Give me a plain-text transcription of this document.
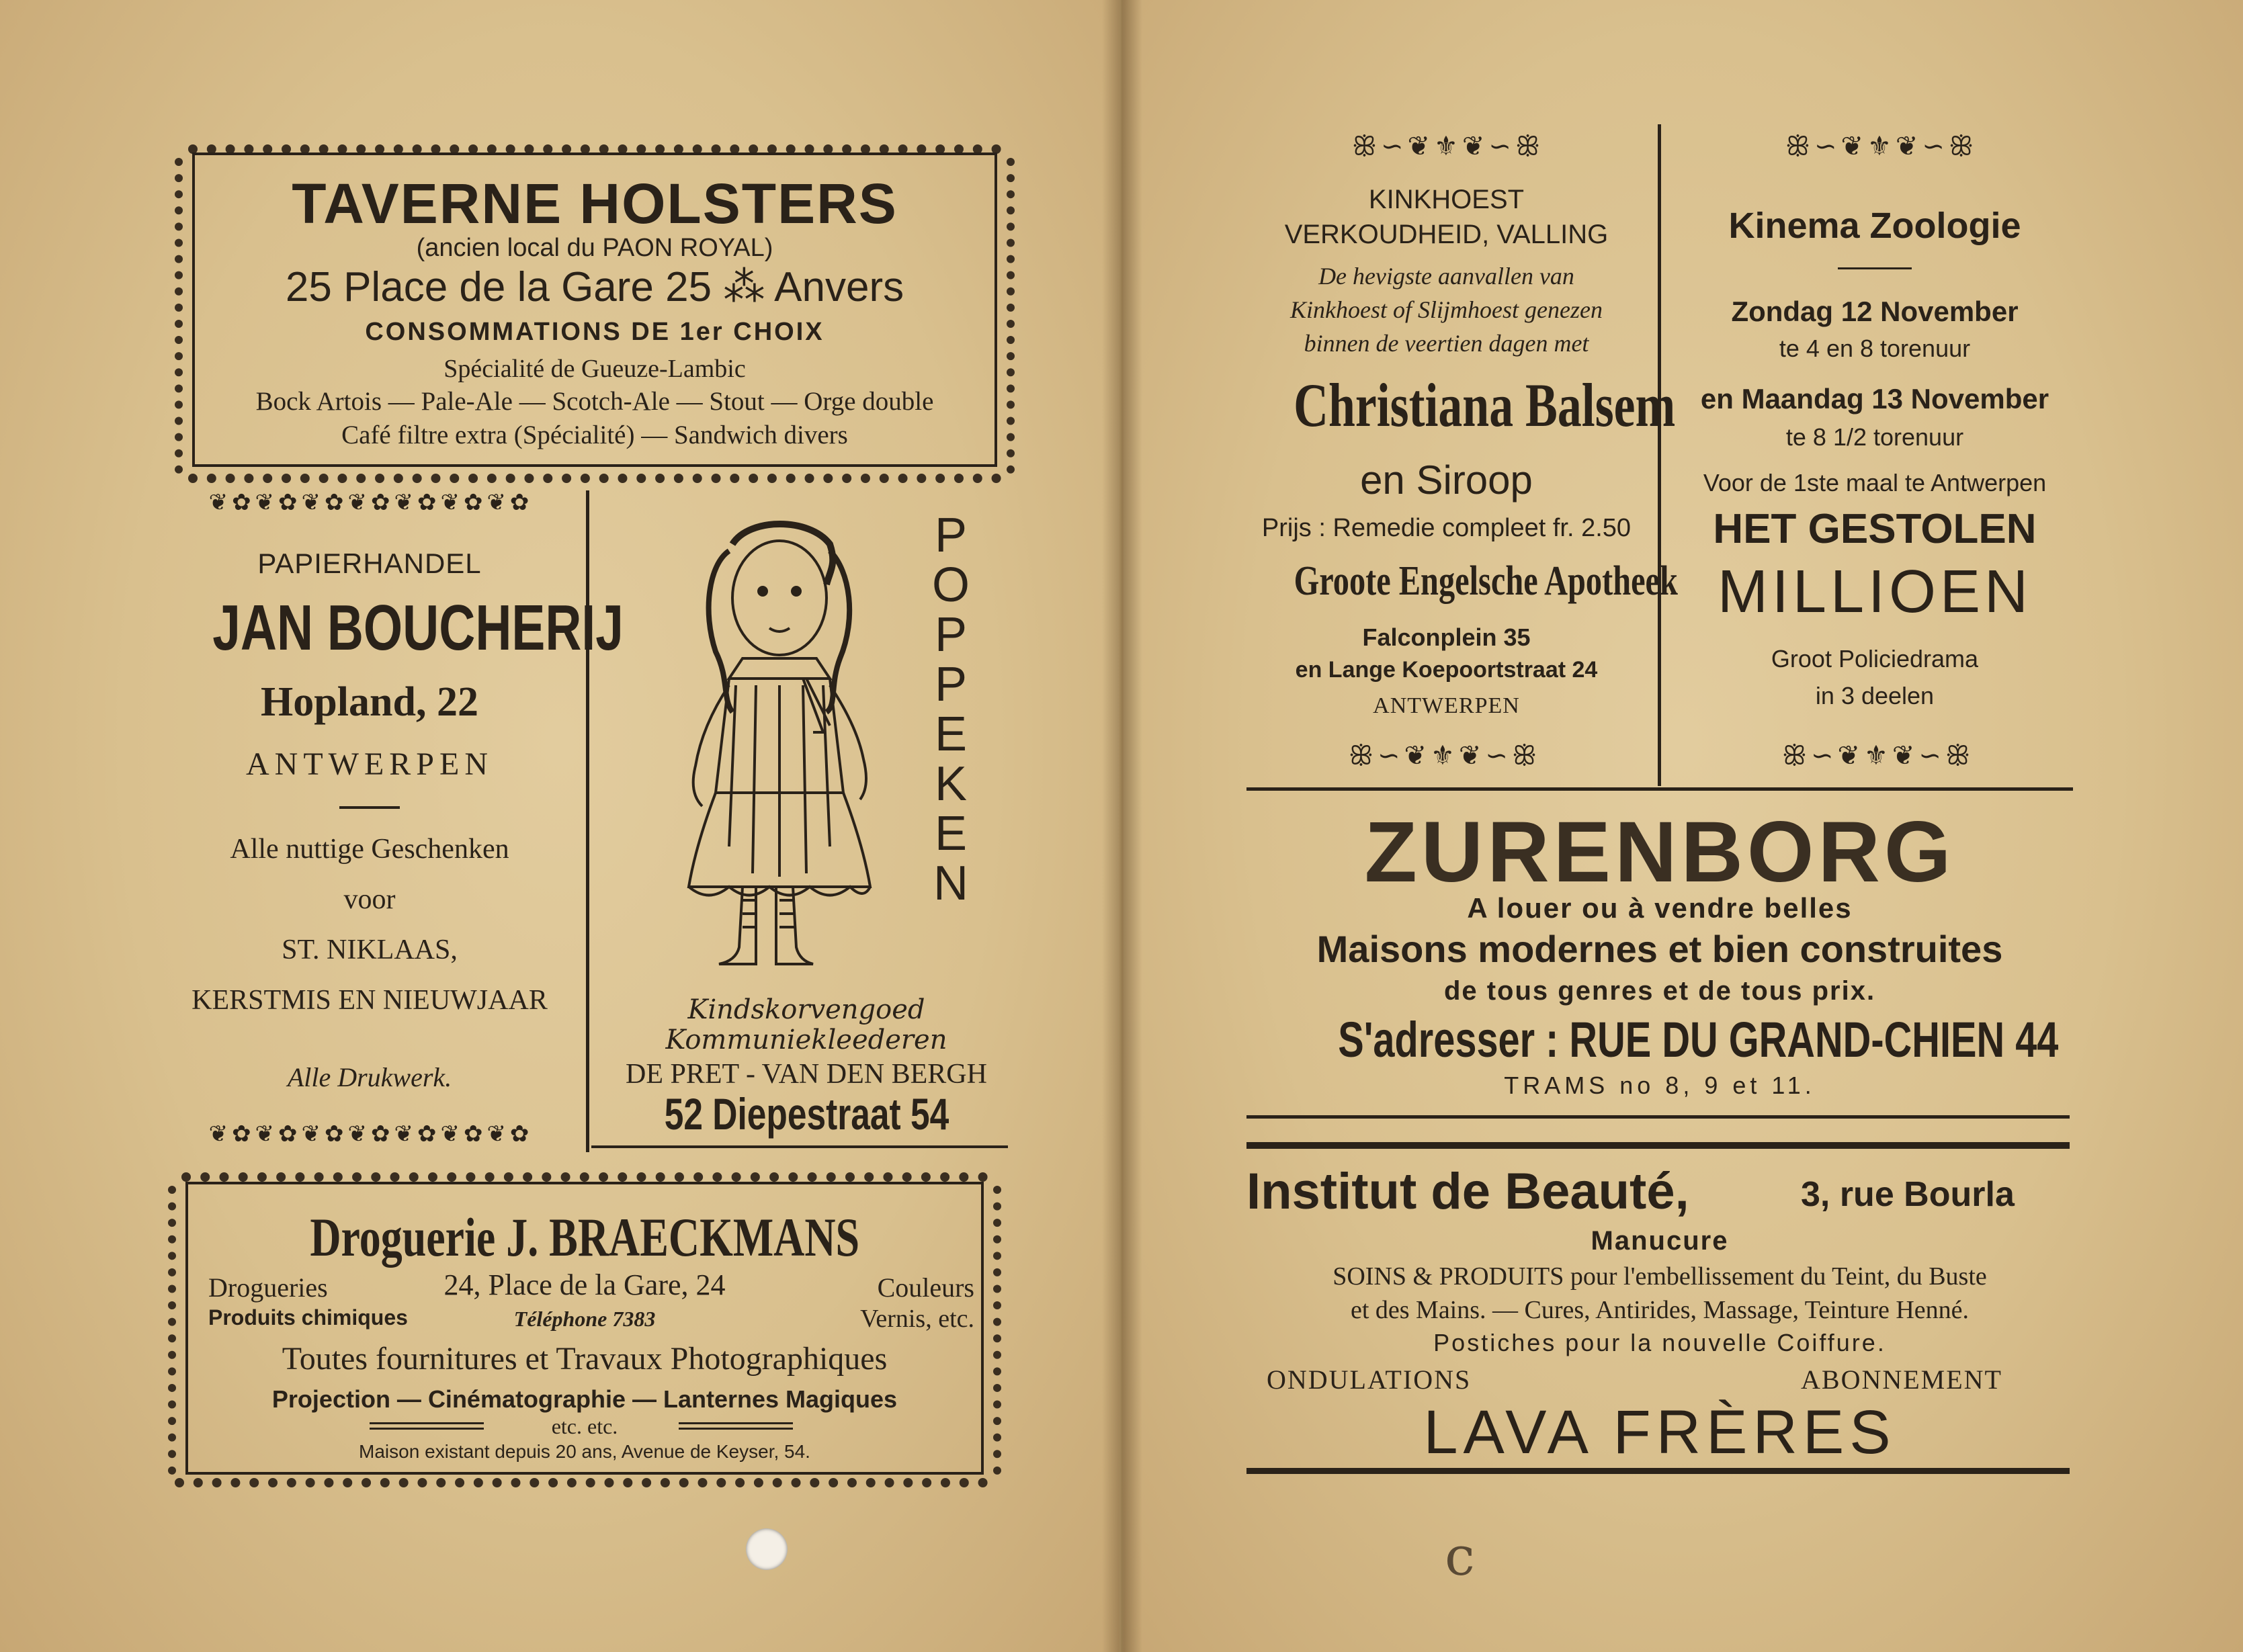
TAVERNE HOLSTERS
(ancien local du PAON ROYAL)
25 Place de la Gare 25 ⁂ Anvers
CONSOMMATIONS DE 1er CHOIX
Spécialité de Gueuze-Lambic
Bock Artois — Pale-Ale — Scotch-Ale — Stout — Orge double
Café filtre extra (Spécialité) — Sandwich divers
❦✿❦✿❦✿❦✿❦✿❦✿❦✿
❦✿❦✿❦✿❦✿❦✿❦✿❦✿
PAPIERHANDEL
JAN BOUCHERIJ
Hopland, 22
ANTWERPEN
Alle nuttige Geschenken
voor
ST. NIKLAAS,
KERSTMIS EN NIEUWJAAR
Alle Drukwerk.
POPPEKEN
Kindskorvengoed
Kommuniekleederen
DE PRET - VAN DEN BERGH
52 Diepestraat 54
Droguerie J. BRAECKMANS
Drogueries	24, Place de la Gare, 24	Couleurs
Produits chimiques	Téléphone 7383	Vernis, etc.
Toutes fournitures et Travaux Photographiques
Projection — Cinématographie — Lanternes Magiques
etc. etc.
Maison existant depuis 20 ans, Avenue de Keyser, 54.
ꕥ∽❦⚜❦∽ꕥ	ꕥ∽❦⚜❦∽ꕥ
ꕥ∽❦⚜❦∽ꕥ	ꕥ∽❦⚜❦∽ꕥ
KINKHOEST
VERKOUDHEID, VALLING
De hevigste aanvallen van
Kinkhoest of Slijmhoest genezen
binnen de veertien dagen met
Christiana Balsem
en Siroop
Prijs : Remedie compleet fr. 2.50
Groote Engelsche Apotheek
Falconplein 35
en Lange Koepoortstraat 24
ANTWERPEN
Kinema Zoologie
Zondag 12 November
te 4 en 8 torenuur
en Maandag 13 November
te 8 1/2 torenuur
Voor de 1ste maal te Antwerpen
HET GESTOLEN
MILLIOEN
Groot Policiedrama
in 3 deelen
ZURENBORG
A louer ou à vendre belles
Maisons modernes et bien construites
de tous genres et de tous prix.
S'adresser : RUE DU GRAND-CHIEN 44
TRAMS no 8, 9 et 11.
Institut de Beauté,	3, rue Bourla
Manucure
SOINS & PRODUITS pour l'embellissement du Teint, du Buste
et des Mains. — Cures, Antirides, Massage, Teinture Henné.
Postiches pour la nouvelle Coiffure.
ONDULATIONS	ABONNEMENT
LAVA FRÈRES
c
